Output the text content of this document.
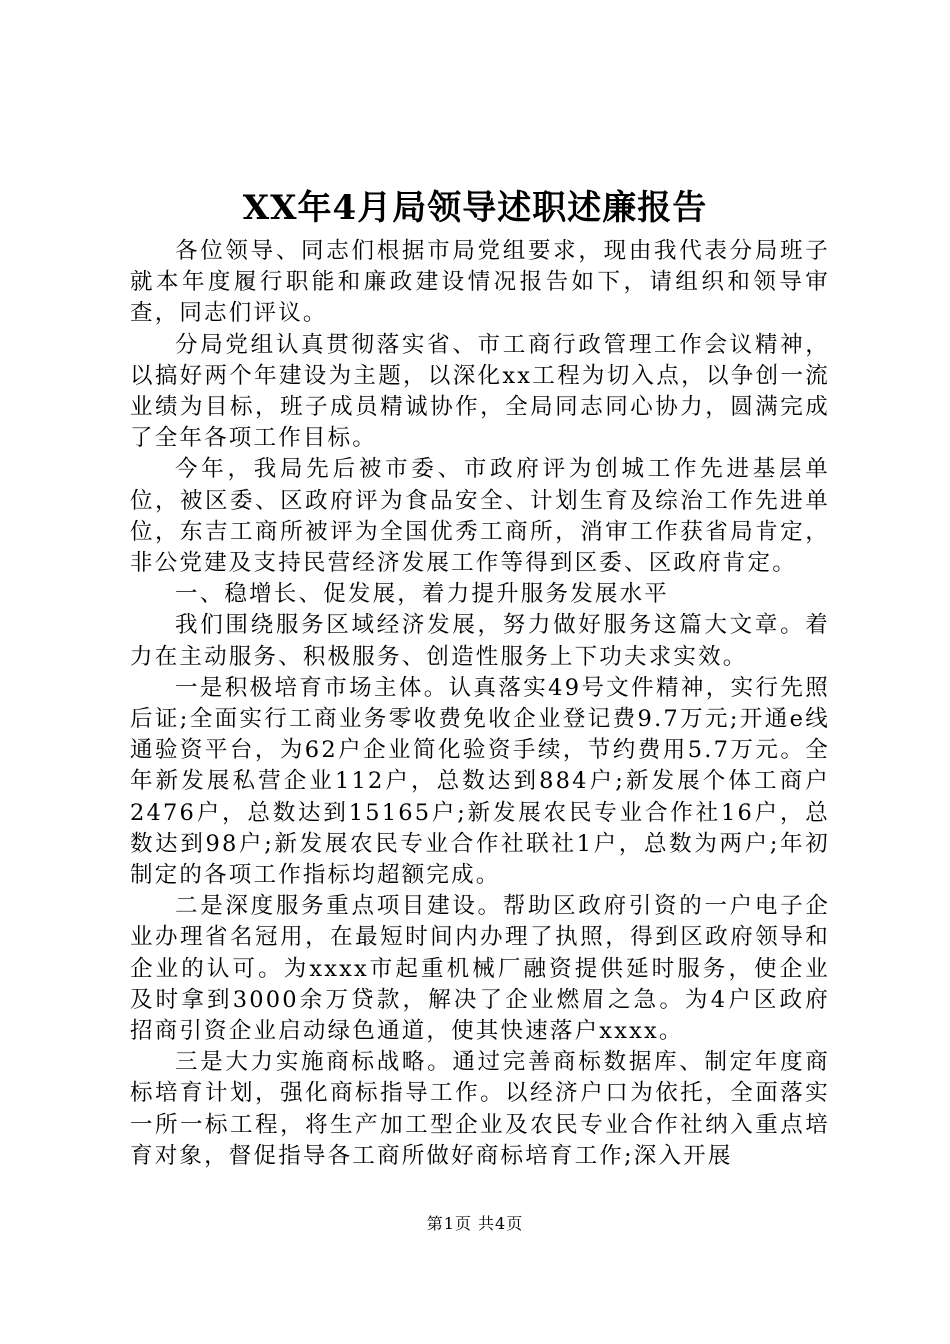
XX年4月局领导述职述廉报告

各位领导、同志们根据市局党组要求，现由我代表分局班子就本年度履行职能和廉政建设情况报告如下，请组织和领导审查，同志们评议。

分局党组认真贯彻落实省、市工商行政管理工作会议精神，以搞好两个年建设为主题，以深化xx工程为切入点，以争创一流业绩为目标，班子成员精诚协作，全局同志同心协力，圆满完成了全年各项工作目标。

今年，我局先后被市委、市政府评为创城工作先进基层单位，被区委、区政府评为食品安全、计划生育及综治工作先进单位，东吉工商所被评为全国优秀工商所，消审工作获省局肯定，非公党建及支持民营经济发展工作等得到区委、区政府肯定。

一、稳增长、促发展，着力提升服务发展水平

我们围绕服务区域经济发展，努力做好服务这篇大文章。着力在主动服务、积极服务、创造性服务上下功夫求实效。

一是积极培育市场主体。认真落实49号文件精神，实行先照后证;全面实行工商业务零收费免收企业登记费9.7万元;开通e线通验资平台，为62户企业简化验资手续，节约费用5.7万元。全年新发展私营企业112户，总数达到884户;新发展个体工商户2476户，总数达到15165户;新发展农民专业合作社16户，总数达到98户;新发展农民专业合作社联社1户，总数为两户;年初制定的各项工作指标均超额完成。

二是深度服务重点项目建设。帮助区政府引资的一户电子企业办理省名冠用，在最短时间内办理了执照，得到区政府领导和企业的认可。为xxxx市起重机械厂融资提供延时服务，使企业及时拿到3000余万贷款，解决了企业燃眉之急。为4户区政府招商引资企业启动绿色通道，使其快速落户xxxx。

三是大力实施商标战略。通过完善商标数据库、制定年度商标培育计划，强化商标指导工作。以经济户口为依托，全面落实一所一标工程，将生产加工型企业及农民专业合作社纳入重点培育对象，督促指导各工商所做好商标培育工作;深入开展

第1页 共4页
